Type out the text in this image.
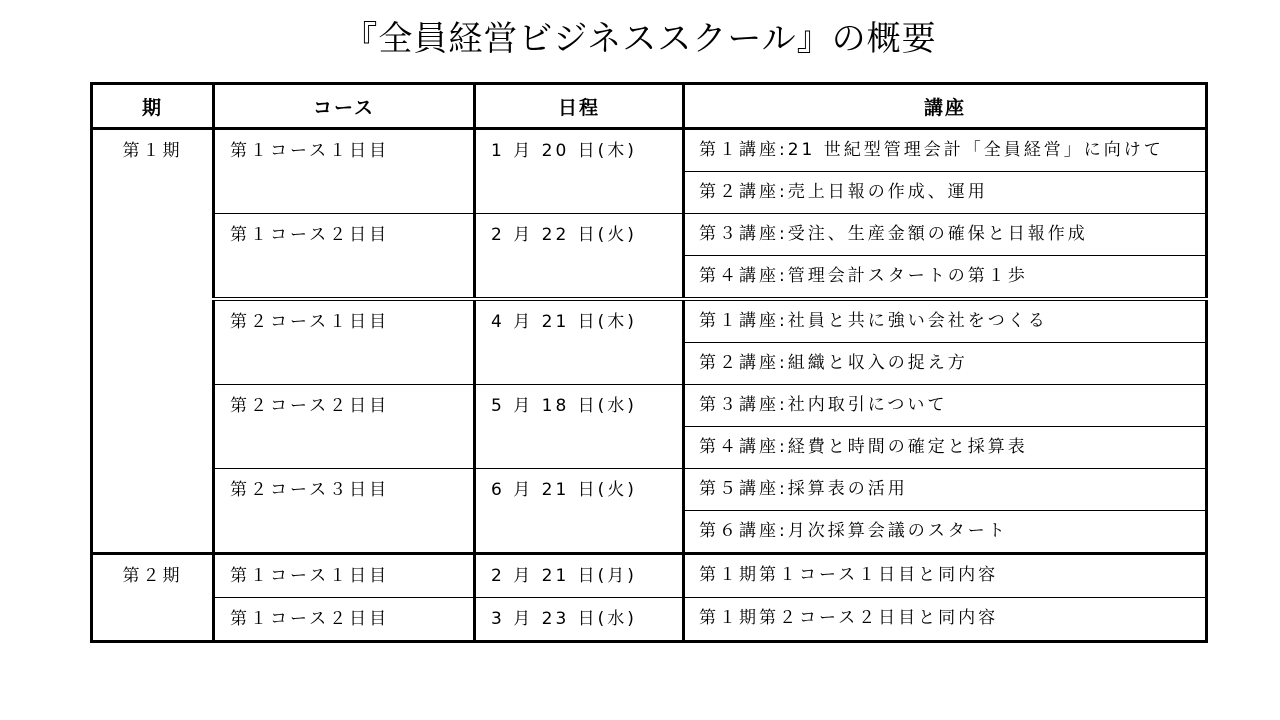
『全員経営ビジネススクール』の概要
期	コース	日程	講座
第１期	第１コース１日目	1 月 20 日(木)	第１講座:21 世紀型管理会計「全員経営」に向けて
			第２講座:売上日報の作成、運用
	第１コース２日目	2 月 22 日(火)	第３講座:受注、生産金額の確保と日報作成
			第４講座:管理会計スタートの第１歩
	第２コース１日目	4 月 21 日(木)	第１講座:社員と共に強い会社をつくる
			第２講座:組織と収入の捉え方
	第２コース２日目	5 月 18 日(水)	第３講座:社内取引について
			第４講座:経費と時間の確定と採算表
	第２コース３日目	6 月 21 日(火)	第５講座:採算表の活用
			第６講座:月次採算会議のスタート
第２期	第１コース１日目	2 月 21 日(月)	第１期第１コース１日目と同内容
	第１コース２日目	3 月 23 日(水)	第１期第２コース２日目と同内容
